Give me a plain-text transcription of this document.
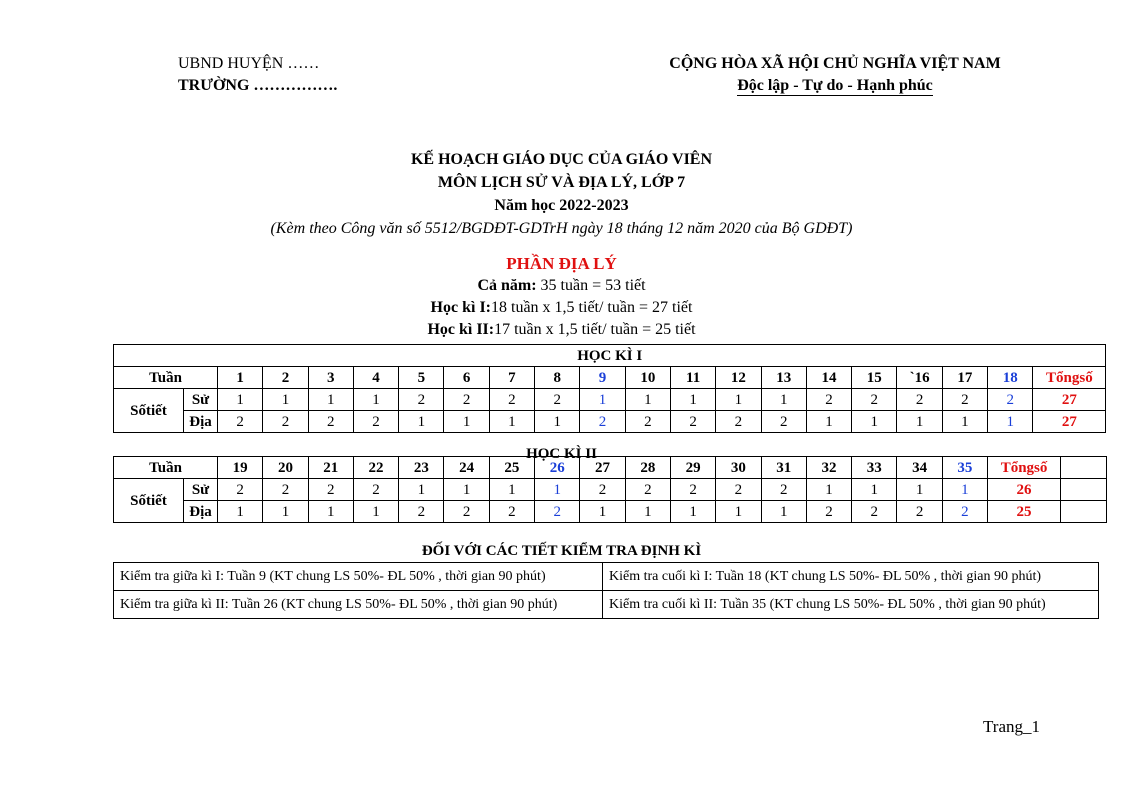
UBND HUYỆN ……
TRƯỜNG …………….
CỘNG HÒA XÃ HỘI CHỦ NGHĨA VIỆT NAM
Độc lập - Tự do - Hạnh phúc
KẾ HOẠCH GIÁO DỤC CỦA GIÁO VIÊN
MÔN LỊCH SỬ VÀ ĐỊA LÝ, LỚP 7
Năm học 2022-2023
(Kèm theo Công văn số 5512/BGDĐT-GDTrH ngày 18 tháng 12 năm 2020 của Bộ GDĐT)
PHẦN ĐỊA LÝ
Cả năm: 35 tuần = 53 tiết
Học kì I:18 tuần x 1,5 tiết/ tuần = 27 tiết
Học kì II:17 tuần x 1,5 tiết/ tuần = 25 tiết
HỌC KÌ I																				
Tuần		1	2	3	4	5	6	7	8	9	10	11	12	13	14	15	`16	17	18	Tổngsố
Sốtiết	Sử	1	1	1	1	2	2	2	2	1	1	1	1	1	2	2	2	2	2	27
	Địa	2	2	2	2	1	1	1	1	2	2	2	2	2	1	1	1	1	1	27
HỌC KÌ II
Tuần		19	20	21	22	23	24	25	26	27	28	29	30	31	32	33	34	35	Tổngsố	
Sốtiết	Sử	2	2	2	2	1	1	1	1	2	2	2	2	2	1	1	1	1	26	
	Địa	1	1	1	1	2	2	2	2	1	1	1	1	1	2	2	2	2	25	
ĐỐI VỚI CÁC TIẾT KIỂM TRA ĐỊNH KÌ
Kiểm tra giữa kì I: Tuần 9 (KT chung LS 50%- ĐL 50% , thời gian 90 phút)	Kiểm tra cuối kì I: Tuần 18 (KT chung LS 50%- ĐL 50% , thời gian 90 phút)
Kiểm tra giữa kì II: Tuần 26 (KT chung LS 50%- ĐL 50% , thời gian 90 phút)	Kiểm tra cuối kì II: Tuần 35 (KT chung LS 50%- ĐL 50% , thời gian 90 phút)
Trang_1
